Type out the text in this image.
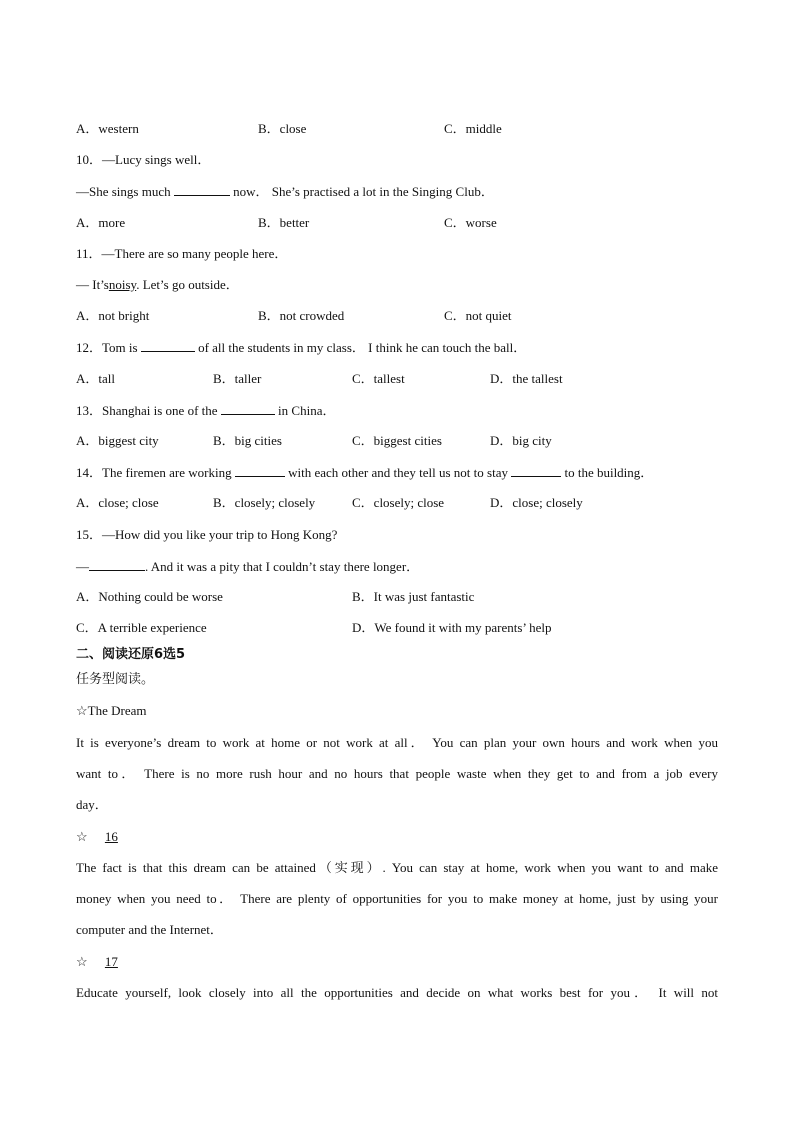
A．western	B．close	C．middle
10．—Lucy sings well．
—She sings much	now． She’s practised a lot in the Singing Club．
A．more	B．better	C．worse
11．—There are so many people here．
— It’snoisy. Let’s go outside．
A．not bright	B．not crowded	C．not quiet
12．Tom is	of all the students in my class． I think he can touch the ball．
A．tall	B．taller	C．tallest	D．the tallest
13．Shanghai is one of the	in China．
A．biggest city	B．big cities	C．biggest cities	D．big city
14．The firemen are working	with each other and they tell us not to stay	to the building．
A．close; close	B．closely; closely	C．closely; close	D．close; closely
15．—How did you like your trip to Hong Kong?
—	. And it was a pity that I couldn’t stay there longer．
A．Nothing could be worse	B．It was just fantastic
C．A terrible experience	D．We found it with my parents’ help
二、阅读还原6选5
任务型阅读。
☆The Dream
It is everyone’s dream to work at home or not work at all． You can plan your own hours and work when you
want to． There is no more rush hour and no hours that people waste when they get to and from a job every
day．
☆ 16
The fact is that this dream can be attained（实现）. You can stay at home, work when you want to and make
money when you need to． There are plenty of opportunities for you to make money at home, just by using your
computer and the Internet．
☆ 17
Educate yourself, look closely into all the opportunities and decide on what works best for you． It will not
